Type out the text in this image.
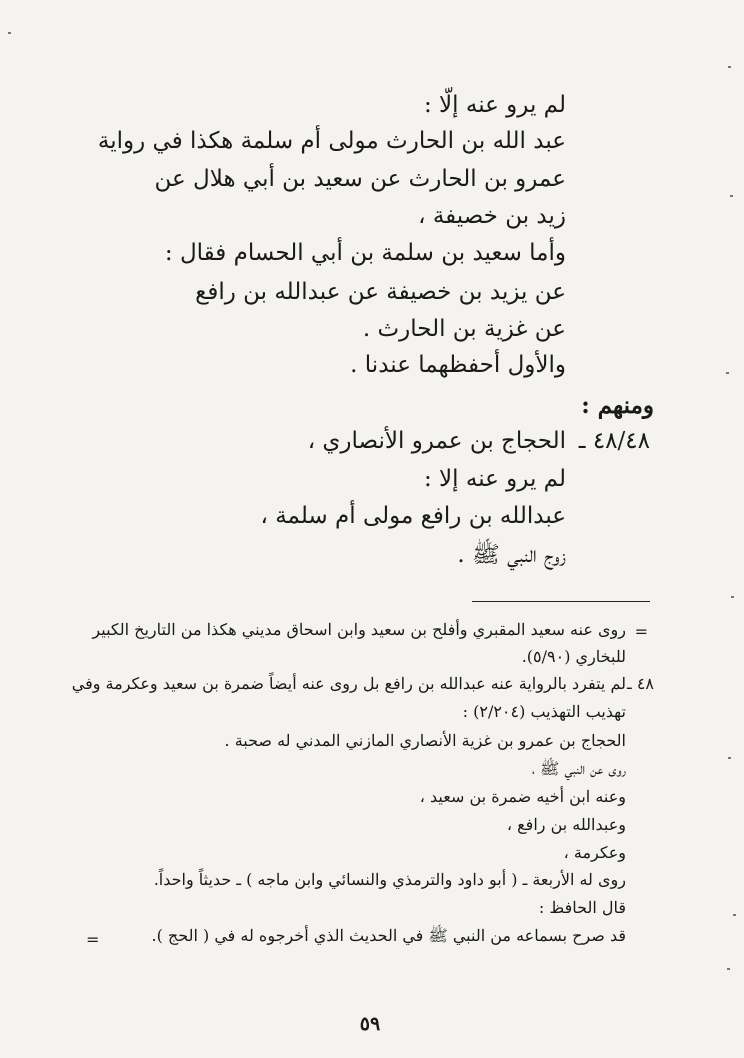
لم يرو عنه إلّا :
عبد الله بن الحارث مولى أم سلمة هكذا في رواية
عمرو بن الحارث عن سعيد بن أبي هلال عن
زيد بن خصيفة ،
وأما سعيد بن سلمة بن أبي الحسام فقال :
عن يزيد بن خصيفة عن عبدالله بن رافع
عن غزية بن الحارث .
والأول أحفظهما عندنا .
ومنهم :
٤٨/٤٨ ـ
الحجاج بن عمرو الأنصاري ،
لم يرو عنه إلا :
عبدالله بن رافع مولى أم سلمة ،
زوج النبي ﷺ .
=
روى عنه سعيد المقبري وأفلح بن سعيد وابن اسحاق مديني هكذا من التاريخ الكبير
للبخاري (٥/٩٠).
٤٨ ـ
لم يتفرد بالرواية عنه عبدالله بن رافع بل روى عنه أيضاً ضمرة بن سعيد وعكرمة وفي
تهذيب التهذيب (٢/٢٠٤) :
الحجاج بن عمرو بن غزية الأنصاري المازني المدني له صحبة .
روى عن النبي ﷺ ،
وعنه ابن أخيه ضمرة بن سعيد ،
وعبدالله بن رافع ،
وعكرمة ،
روى له الأربعة ـ ( أبو داود والترمذي والنسائي وابن ماجه ) ـ حديثاً واحداً.
قال الحافظ :
قد صرح بسماعه من النبي ﷺ في الحديث الذي أخرجوه له في ( الحج ).
=
٥٩
